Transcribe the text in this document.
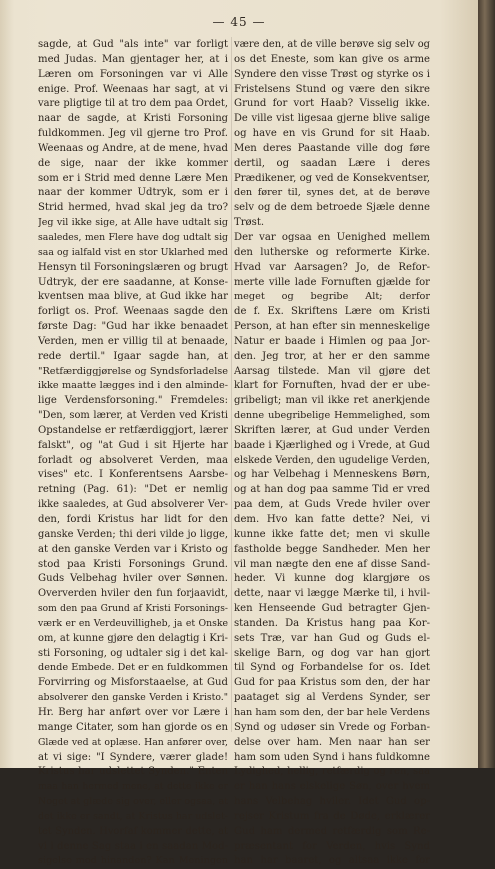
— 45 —
sagde, at Gud "als inte" var forligt
med Judas. Man gjentager her, at i
Læren om Forsoningen var vi Alle
enige. Prof. Weenaas har sagt, at vi
vare pligtige til at tro dem paa Ordet,
naar de sagde, at Kristi Forsoning
fuldkommen. Jeg vil gjerne tro Prof.
Weenaas og Andre, at de mene, hvad
de sige, naar der ikke kommer
som er i Strid med denne Lære Men
naar der kommer Udtryk, som er i
Strid hermed, hvad skal jeg da tro?
Jeg vil ikke sige, at Alle have udtalt sig
saaledes, men Flere have dog udtalt sig
saa og ialfald vist en stor Uklarhed med
Hensyn til Forsoningslæren og brugt
Udtryk, der ere saadanne, at Konse-
kventsen maa blive, at Gud ikke har
forligt os. Prof. Weenaas sagde den
første Dag: "Gud har ikke benaadet
Verden, men er villig til at benaade,
rede dertil." Igaar sagde han, at
"Retfærdiggjørelse og Syndsforladelse
ikke maatte lægges ind i den alminde-
lige Verdensforsoning." Fremdeles:
"Den, som lærer, at Verden ved Kristi
Opstandelse er retfærdiggjort, lærer
falskt", og "at Gud i sit Hjerte har
forladt og absolveret Verden, maa
vises" etc. I Konferentsens Aarsbe-
retning (Pag. 61): "Det er nemlig
ikke saaledes, at Gud absolverer Ver-
den, fordi Kristus har lidt for den
ganske Verden; thi deri vilde jo ligge,
at den ganske Verden var i Kristo og
stod paa Kristi Forsonings Grund.
Guds Velbehag hviler over Sønnen.
Oververden hviler den fun forjaavidt,
som den paa Grund af Kristi Forsonings-
værk er en Verdeuvilligheb, ja et Onske
om, at kunne gjøre den delagtig i Kri-
sti Forsoning, og udtaler sig i det kal-
dende Embede. Det er en fuldkommen
Forvirring og Misforstaaelse, at Gud
absolverer den ganske Verden i Kristo."
Hr. Berg har anført over vor Lære i
mange Citater, som han gjorde os en
Glæde ved at oplæse. Han anfører over,
at vi sige: "I Syndere, værer glade!
Kristus har udslettet Synden." Enten
maa han hermed mene, at dette ikke er
Noget at glæde sig over, eller ogsaa, at
det ikke er sandt, at Kristus har udslet-
tet Synden. Hvorfaf kommer dette, at
vi i denne Sag staa i en saadan Mod-
sigelse mod hinanden? Kan Meningen
være den, at de ville berøve sig selv og
os det Eneste, som kan give os arme
Syndere den visse Trøst og styrke os i
Fristelsens Stund og være den sikre
Grund for vort Haab? Visselig ikke.
De ville vist ligesaa gjerne blive salige
og have en vis Grund for sit Haab.
Men deres Paastande ville dog føre
dertil, og saadan Lære i deres
Prædikener, og ved de Konsekventser,
den fører til, synes det, at de berøve
selv og de dem betroede Sjæle denne
Trøst.
Der var ogsaa en Uenighed mellem
den lutherske og reformerte Kirke.
Hvad var Aarsagen? Jo, de Refor-
merte ville lade Fornuften gjælde for
meget og begribe Alt; derfor
de f. Ex. Skriftens Lære om Kristi
Person, at han efter sin menneskelige
Natur er baade i Himlen og paa Jor-
den. Jeg tror, at her er den samme
Aarsag tilstede. Man vil gjøre det
klart for Fornuften, hvad der er ube-
gribeligt; man vil ikke ret anerkjende
denne ubegribelige Hemmelighed, som
Skriften lærer, at Gud under Verden
baade i Kjærlighed og i Vrede, at Gud
elskede Verden, den ugudelige Verden,
og har Velbehag i Menneskens Børn,
og at han dog paa samme Tid er vred
paa dem, at Guds Vrede hviler over
dem. Hvo kan fatte dette? Nei, vi
kunne ikke fatte det; men vi skulle
fastholde begge Sandheder. Men her
vil man nægte den ene af disse Sand-
heder. Vi kunne dog klargjøre os
dette, naar vi lægge Mærke til, i hvil-
ken Henseende Gud betragter Gjen-
standen. Da Kristus hang paa Kor-
sets Træ, var han Gud og Guds el-
skelige Barn, og dog var han gjort
til Synd og Forbandelse for os. Idet
Gud for paa Kristus som den, der har
paataget sig al Verdens Synder, ser
han ham som den, der bar hele Verdens
Synd og udøser sin Vrede og Forban-
delse over ham. Men naar han ser
ham som uden Synd i hans fuldkomne
Lydighed, hellig, retfærdig og ren, saa
er han hans elskelige Søn, over hvem
hans Velbehag hviler. Idet Gud op-
rejser Kristum fra de Døde, erklærer
Gud ham dermed retfærdig som Re-
præsentant for Verden, hvis Synd
han har baaret, og altsaa ikke for
